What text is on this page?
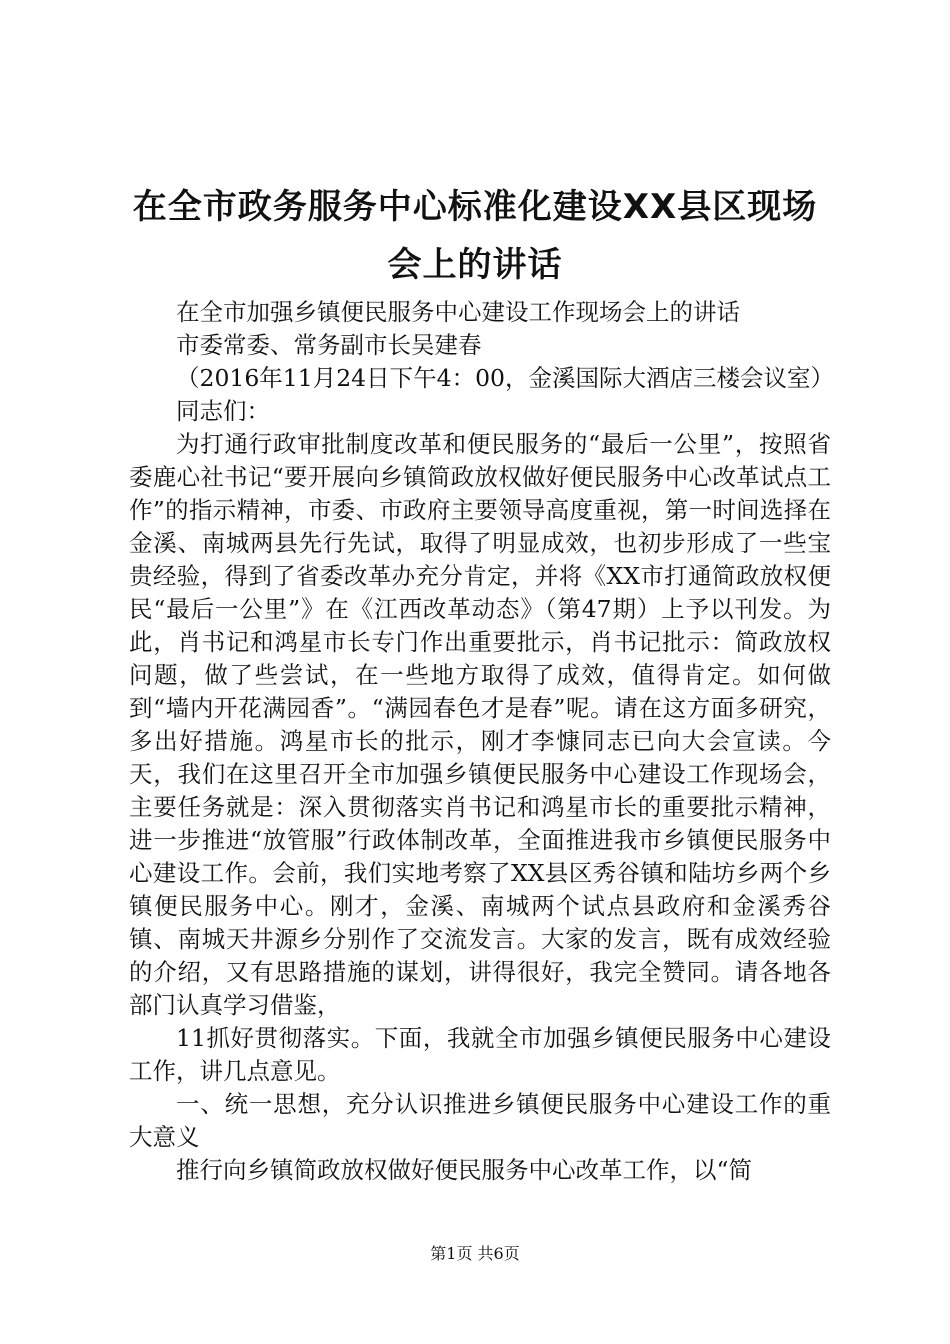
在全市政务服务中心标准化建设XX县区现场会上的讲话

在全市加强乡镇便民服务中心建设工作现场会上的讲话

市委常委、常务副市长吴建春

（2016年11月24日下午4：00，金溪国际大酒店三楼会议室）

同志们：

为打通行政审批制度改革和便民服务的“最后一公里”，按照省委鹿心社书记“要开展向乡镇简政放权做好便民服务中心改革试点工作”的指示精神，市委、市政府主要领导高度重视，第一时间选择在金溪、南城两县先行先试，取得了明显成效，也初步形成了一些宝贵经验，得到了省委改革办充分肯定，并将《XX市打通简政放权便民“最后一公里”》在《江西改革动态》（第47期）上予以刊发。为此，肖书记和鸿星市长专门作出重要批示，肖书记批示：简政放权问题，做了些尝试，在一些地方取得了成效，值得肯定。如何做到“墙内开花满园香”。“满园春色才是春”呢。请在这方面多研究，多出好措施。鸿星市长的批示，刚才李慷同志已向大会宣读。今天，我们在这里召开全市加强乡镇便民服务中心建设工作现场会，主要任务就是：深入贯彻落实肖书记和鸿星市长的重要批示精神，进一步推进“放管服”行政体制改革，全面推进我市乡镇便民服务中心建设工作。会前，我们实地考察了XX县区秀谷镇和陆坊乡两个乡镇便民服务中心。刚才，金溪、南城两个试点县政府和金溪秀谷镇、南城天井源乡分别作了交流发言。大家的发言，既有成效经验的介绍，又有思路措施的谋划，讲得很好，我完全赞同。请各地各部门认真学习借鉴，

11抓好贯彻落实。下面，我就全市加强乡镇便民服务中心建设工作，讲几点意见。

一、统一思想，充分认识推进乡镇便民服务中心建设工作的重大意义

推行向乡镇简政放权做好便民服务中心改革工作，以“简

第1页 共6页
